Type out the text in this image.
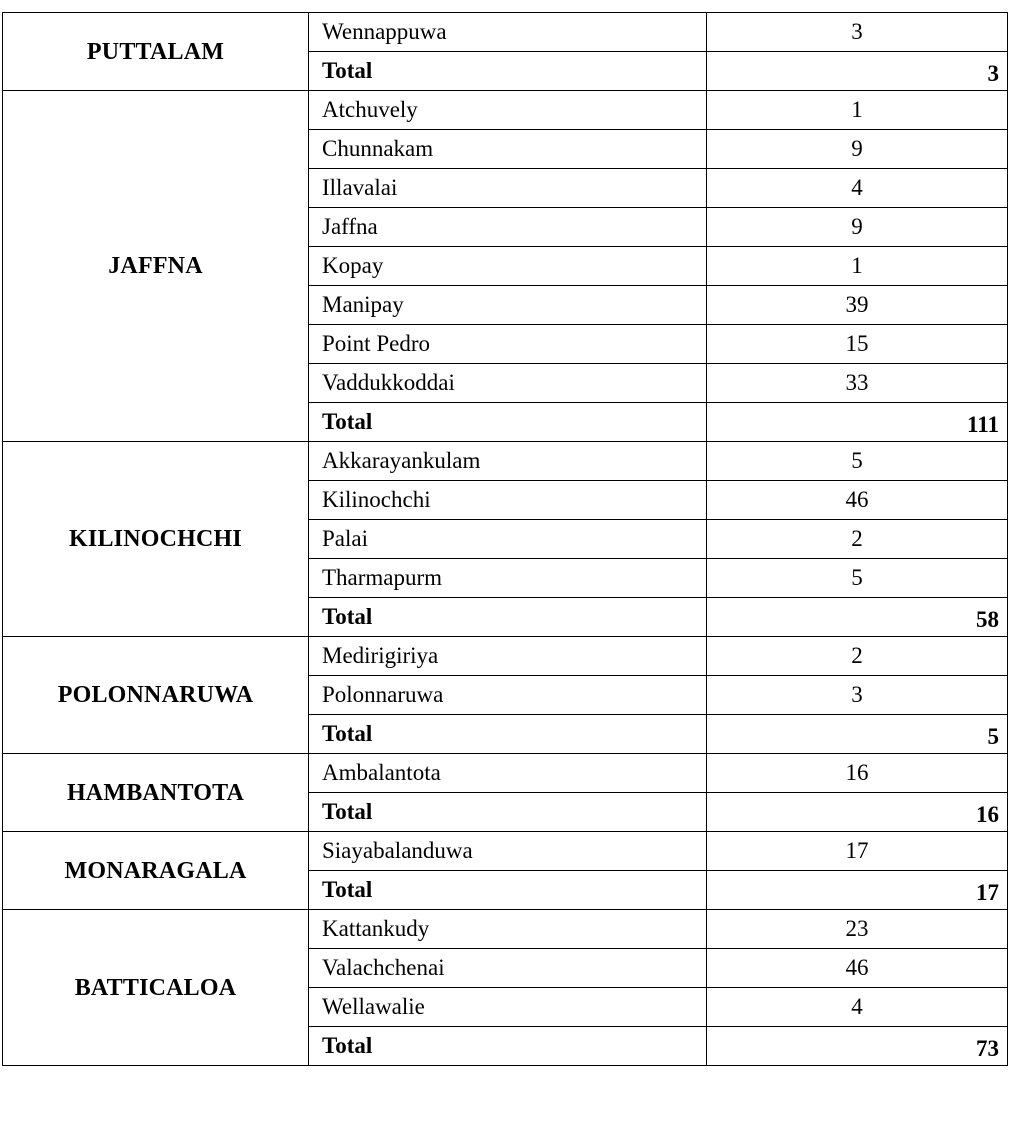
PUTTALAM	Wennappuwa	3
	Total	3
JAFFNA	Atchuvely	1
	Chunnakam	9
	Illavalai	4
	Jaffna	9
	Kopay	1
	Manipay	39
	Point Pedro	15
	Vaddukkoddai	33
	Total	111
KILINOCHCHI	Akkarayankulam	5
	Kilinochchi	46
	Palai	2
	Tharmapurm	5
	Total	58
POLONNARUWA	Medirigiriya	2
	Polonnaruwa	3
	Total	5
HAMBANTOTA	Ambalantota	16
	Total	16
MONARAGALA	Siayabalanduwa	17
	Total	17
BATTICALOA	Kattankudy	23
	Valachchenai	46
	Wellawalie	4
	Total	73
